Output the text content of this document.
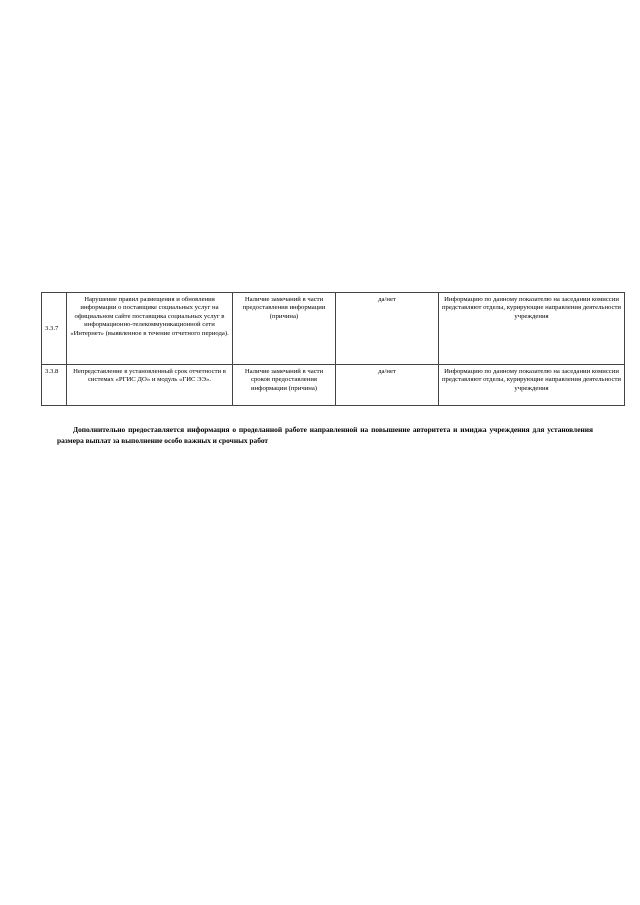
3.3.7	Нарушение правил размещения и обновления информации о поставщике социальных услуг на официальном сайте поставщика социальных услуг в информационно-телекоммуникационной сети «Интернет» (выявленное в течение отчетного периода).	Наличие замечаний в части предоставления информации (причина)	да/нет	Информацию по данному показателю на заседании комиссии представляют отделы, курирующие направления деятельности учреждения
3.3.8	Непредставление в установленный срок отчетности в системах «РГИС ДО» и модуль «ГИС ЭЭ».	Наличие замечаний в части сроков предоставления информации (причина)	да/нет	Информацию по данному показателю на заседании комиссии представляют отделы, курирующие направления деятельности учреждения

Дополнительно предоставляется информация о проделанной работе направленной на повышение авторитета и имиджа учреждения для установления размера выплат за выполнение особо важных и срочных работ
